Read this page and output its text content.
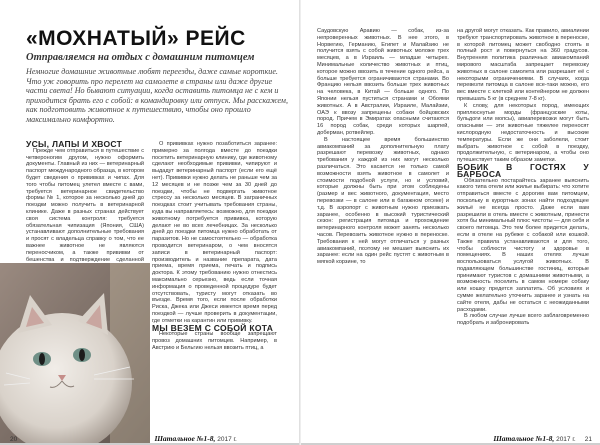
«МОХНАТЫЙ» РЕЙС
Отправляемся на отдых с домашним питомцем

Немногие домашние животные любят переезды, даже самые короткие. Что уж говорить про перелет на самолете в страны или даже другие части света! Но бывают ситуации, когда оставить питомца не с кем и приходится брать его с собой: в командировку или отпуск. Мы расскажем, как подготовить животное к путешествию, чтобы оно прошло максимально комфортно.

УСЫ, ЛАПЫ И ХВОСТ

Прежде чем отправиться в путешествие с четвероногим другом, нужно оформить документы. Главный из них — ветеринарный паспорт международного образца, в котором будет сведения о прививках и чипах. Для того чтобы питомец улетел вместе с вами, требуется ветеринарное свидетельство формы № 1, которое за несколько дней до поездки можно получить в ветеринарной клинике. Даже в разных странах действует своя система контроля: требуется обязательная чипизация (Япония, США) устанавливают дополнительные требования и просят с владельца справку о том, что ее важнее животное не являются переносчиком, а также прививки от бешенства и подтверждение сделанной

О прививках нужно позаботиться заранее: примерно за полгода вместе до поездки посетить ветеринарную клинику, где животному сделают необходимые прививки, чипируют и выдадут ветеринарный паспорт (если его ещё нет). Прививки нужно делать не раньше чем за 12 месяцев и не позже чем за 30 дней до поездки, чтобы не подвергать животное стрессу за несколько месяцев. В заграничных поездках стоит учитывать требования страны, куда вы направляетесь: возможно, для поездки животному потребуется прививка, которую делают не во всех лечебницах. За несколько дней до поездки питомца нужно обработать от паразитов. Но не самостоятельно — обработка проводится ветеринаром, о чем вносятся записи в ветеринарный паспорт: производитель и название препарата, дата приема, время приема, печать и подпись доктора. К этому требованию нужно отнестись максимально серьезно, ведь если точная информация о проведенной процедуре будет отсутствовать, туристу могут отказать во въезде. Время того, если после обработки Риска, Джека или Джеси имеется время перед поездкой — лучше проверить в документации, где отметки на карантин или прививку.

МЫ ВЕЗЕМ С СОБОЙ КОТА

Некоторые страны вообще запрещают провоз домашних питомцев. Например, в Австрию и Бельгию нельзя ввозить птиц, а

20	Шатальное №1-8, 2017 г.

Саудовскую Аравию — собак, из-за непроверенных животных. В нее этого, в Норвегию, Германию, Египет и Малайзию не получится взять с собой животных моложе трех месяцев, а в Израиль — младше четырех. Минимальные количество животных и птиц, которое можно ввозить в течение одного рейса, а больше требуется ограничиваются странами. Во Францию нельзя ввозить больше трех животных на человека, в Китай — больше одного. По Японии нельзя пуститься странами и Обоями животных. А в Австралии, Израиле, Малайзии, ОАЭ к ввозу запрещены собаки бойцовских пород. Причем в Эмиратах опасными считаются 16 пород собак, среди которых шарпей, доберман, ротвейлер.

В настоящее время большинство авиакомпаний за дополнительную плату разрешают перевозку животных, однако требования у каждой из них могут несколько различаться. Это касается не только самой возможности взять животное в самолет и стоимости подобной услуги, но и условий, которые должны быть при этом соблюдены (размер и вес животного, документация, место перевозки — в салоне или в багажном отсеке) и т.д. В аэропорт с животным нужно приезжать заранее, особенно в высокий туристический сезон: регистрация питомца и прохождение ветеринарного контроля может занять несколько часов. Перевозить животное нужно в переноске. Требования к ней могут отличаться у разных авиакомпаний, поэтому не мешает выяснить их заранее: если на один рейс пустят с животным в мягкой корзине, то

на другой могут отказать. Как правило, авиалинии требуют транспортировать животное в переноске, в которой питомец может свободно стоять в полный рост и повернуться на 360 градусов. Внутренняя политика различных авиакомпаний мирового масштаба запрещает перевозку животных в салоне самолета или разрешает её с некоторыми ограничениями. В случаях, когда перевезти питомца в салоне все-таки можно, его вес вместе с клеткой или контейнером не должен превышать 5 кг (в среднем 7-8 кг).

К слову, для некоторых пород, имеющих приплюснутые морды (французские коты, бульдоги или мопсы), авиаперевозки могут быть опасными — эти животные тяжелее переносят кислородную недостаточность и высокие температуры. Если же они заболели, стоит выбрать животное с собой в поездку, продолжительную, с ветеринаром, а чтобы оно путешествует таким образом заметки.

БОБИК В ГОСТЯХ У БАРБОСА

Обязательно постарайтесь заранее выяснить какого типа отели или жилье выбирать: что хотите отправиться вместе с дорогим вам питомцем, поскольку в курортных зонах найти подходящее жильё не всегда просто. Даже если вам разрешили в отель вместе с животным, принести хотя бы минимальный плюс чистоты — для себя и своего питомца. Это тем более придется делать, если в отеле на рубеже с собакой или кошкой. Также правила устанавливаются и для того, чтобы соблюсти чистоту и здоровье в помещениях. В наших отелях лучше воспользоваться услугой животных. В подавляющем большинстве гостиниц, которые принимают туристов с домашними животными, а возможность поселить в самом номере собаку или кошку предется заплатить. Об условиях и сумме желательно уточнить заранее и узнать на сайте отеля, дабы не остаться с неожиданными расходами.

В любом случае лучше всего заблаговременно подобрать и забронировать

Шатальное №1-8, 2017 г. 21
